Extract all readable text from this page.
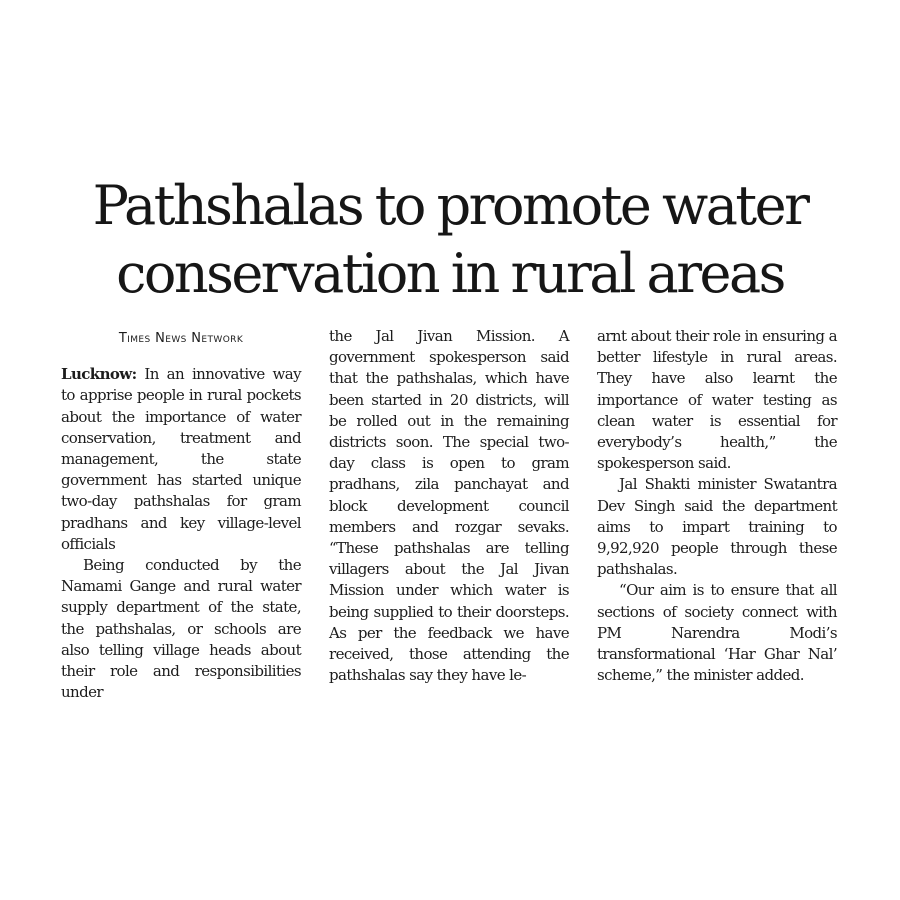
Pathshalas to promote water conservation in rural areas
Times News Network

Lucknow: In an innovative way to apprise people in rural pockets about the importance of water conservation, treatment and management, the state government has started unique two-day pathshalas for gram pradhans and key village-level officials

Being conducted by the Namami Gange and rural water supply department of the state, the pathshalas, or schools are also telling village heads about their role and responsibilities under

the Jal Jivan Mission. A government spokesperson said that the pathshalas, which have been started in 20 districts, will be rolled out in the remaining districts soon. The special two-day class is open to gram pradhans, zila panchayat and block development council members and rozgar sevaks. “These pathshalas are telling villagers about the Jal Jivan Mission under which water is being supplied to their doorsteps. As per the feedback we have received, those attending the pathshalas say they have le-

arnt about their role in ensuring a better lifestyle in rural areas. They have also learnt the importance of water testing as clean water is essential for everybody’s health,” the spokesperson said.

Jal Shakti minister Swatantra Dev Singh said the department aims to impart training to 9,92,920 people through these pathshalas.

“Our aim is to ensure that all sections of society connect with PM Narendra Modi’s transformational ‘Har Ghar Nal’ scheme,” the minister added.
